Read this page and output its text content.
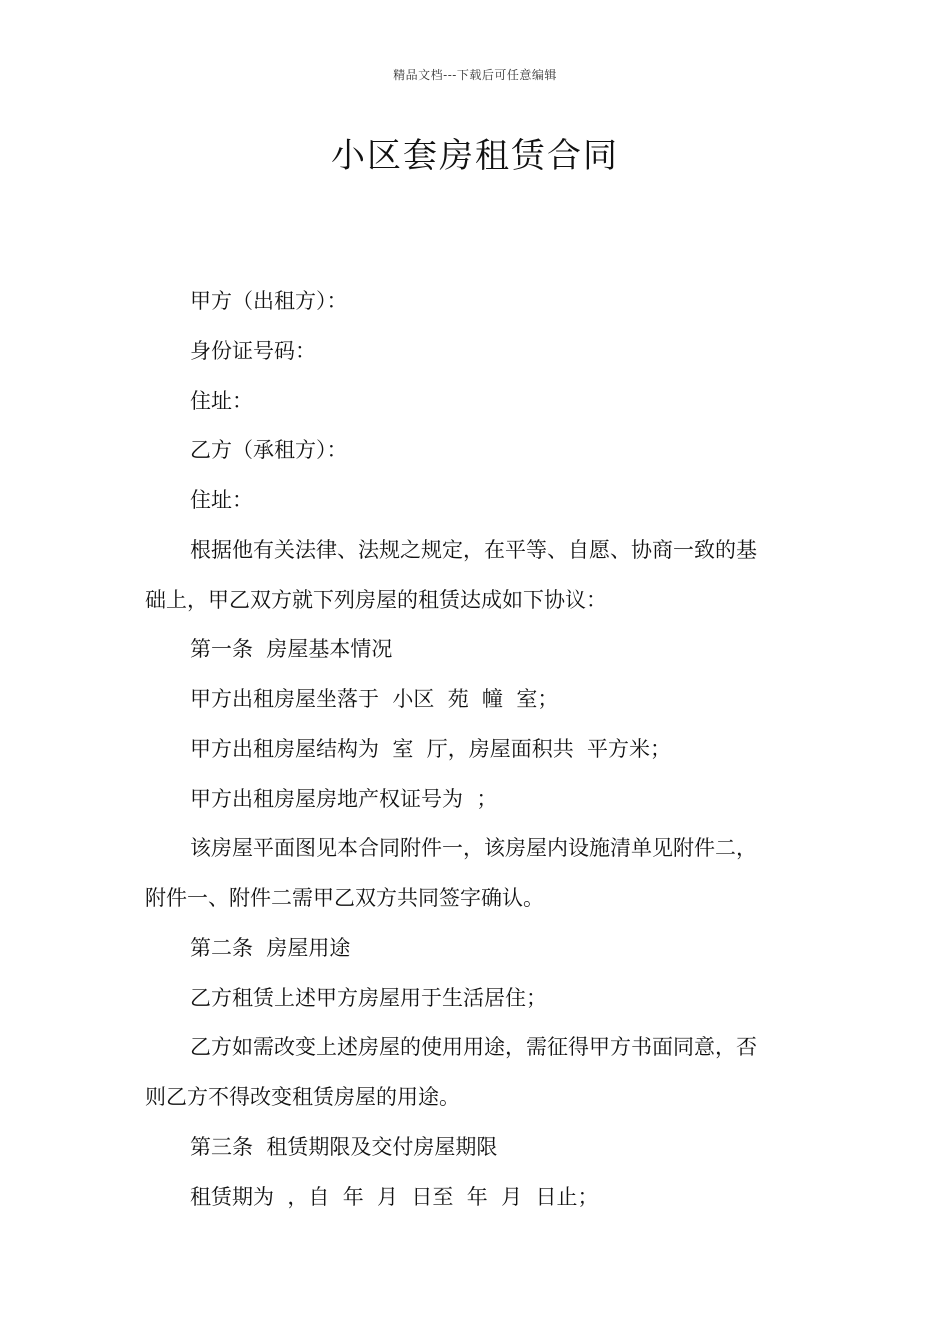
精品文档---下载后可任意编辑
小区套房租赁合同
甲方（出租方）：
身份证号码：
住址：
乙方（承租方）：
住址：
根据他有关法律、法规之规定，在平等、自愿、协商一致的基
础上，甲乙双方就下列房屋的租赁达成如下协议：
第一条  房屋基本情况
甲方出租房屋坐落于  小区  苑  幢  室；
甲方出租房屋结构为  室  厅，房屋面积共  平方米；
甲方出租房屋房地产权证号为  ；
该房屋平面图见本合同附件一，该房屋内设施清单见附件二，
附件一、附件二需甲乙双方共同签字确认。
第二条  房屋用途
乙方租赁上述甲方房屋用于生活居住；
乙方如需改变上述房屋的使用用途，需征得甲方书面同意，否
则乙方不得改变租赁房屋的用途。
第三条  租赁期限及交付房屋期限
租赁期为  ，自  年  月  日至  年  月  日止；
